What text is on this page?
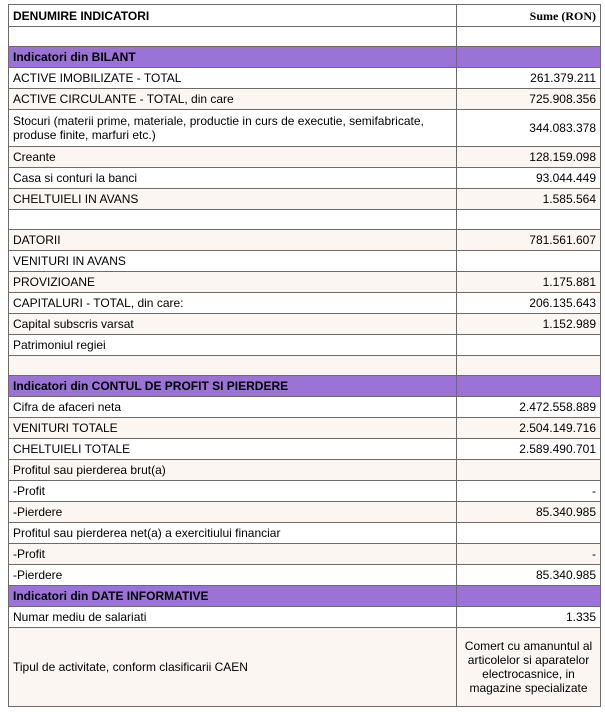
DENUMIRE INDICATORI	Sume (RON)

Indicatori din BILANT	
ACTIVE IMOBILIZATE - TOTAL	261.379.211
ACTIVE CIRCULANTE - TOTAL, din care	725.908.356
Stocuri (materii prime, materiale, productie in curs de executie, semifabricate, produse finite, marfuri etc.)	344.083.378
Creante	128.159.098
Casa si conturi la banci	93.044.449
CHELTUIELI IN AVANS	1.585.564

DATORII	781.561.607
VENITURI IN AVANS	
PROVIZIOANE	1.175.881
CAPITALURI - TOTAL, din care:	206.135.643
Capital subscris varsat	1.152.989
Patrimoniul regiei	

Indicatori din CONTUL DE PROFIT SI PIERDERE	
Cifra de afaceri neta	2.472.558.889
VENITURI TOTALE	2.504.149.716
CHELTUIELI TOTALE	2.589.490.701
Profitul sau pierderea brut(a)	
-Profit	-
-Pierdere	85.340.985
Profitul sau pierderea net(a) a exercitiului financiar	
-Profit	-
-Pierdere	85.340.985
Indicatori din DATE INFORMATIVE	
Numar mediu de salariati	1.335
Tipul de activitate, conform clasificarii CAEN	Comert cu amanuntul al articolelor si aparatelor electrocasnice, in magazine specializate
